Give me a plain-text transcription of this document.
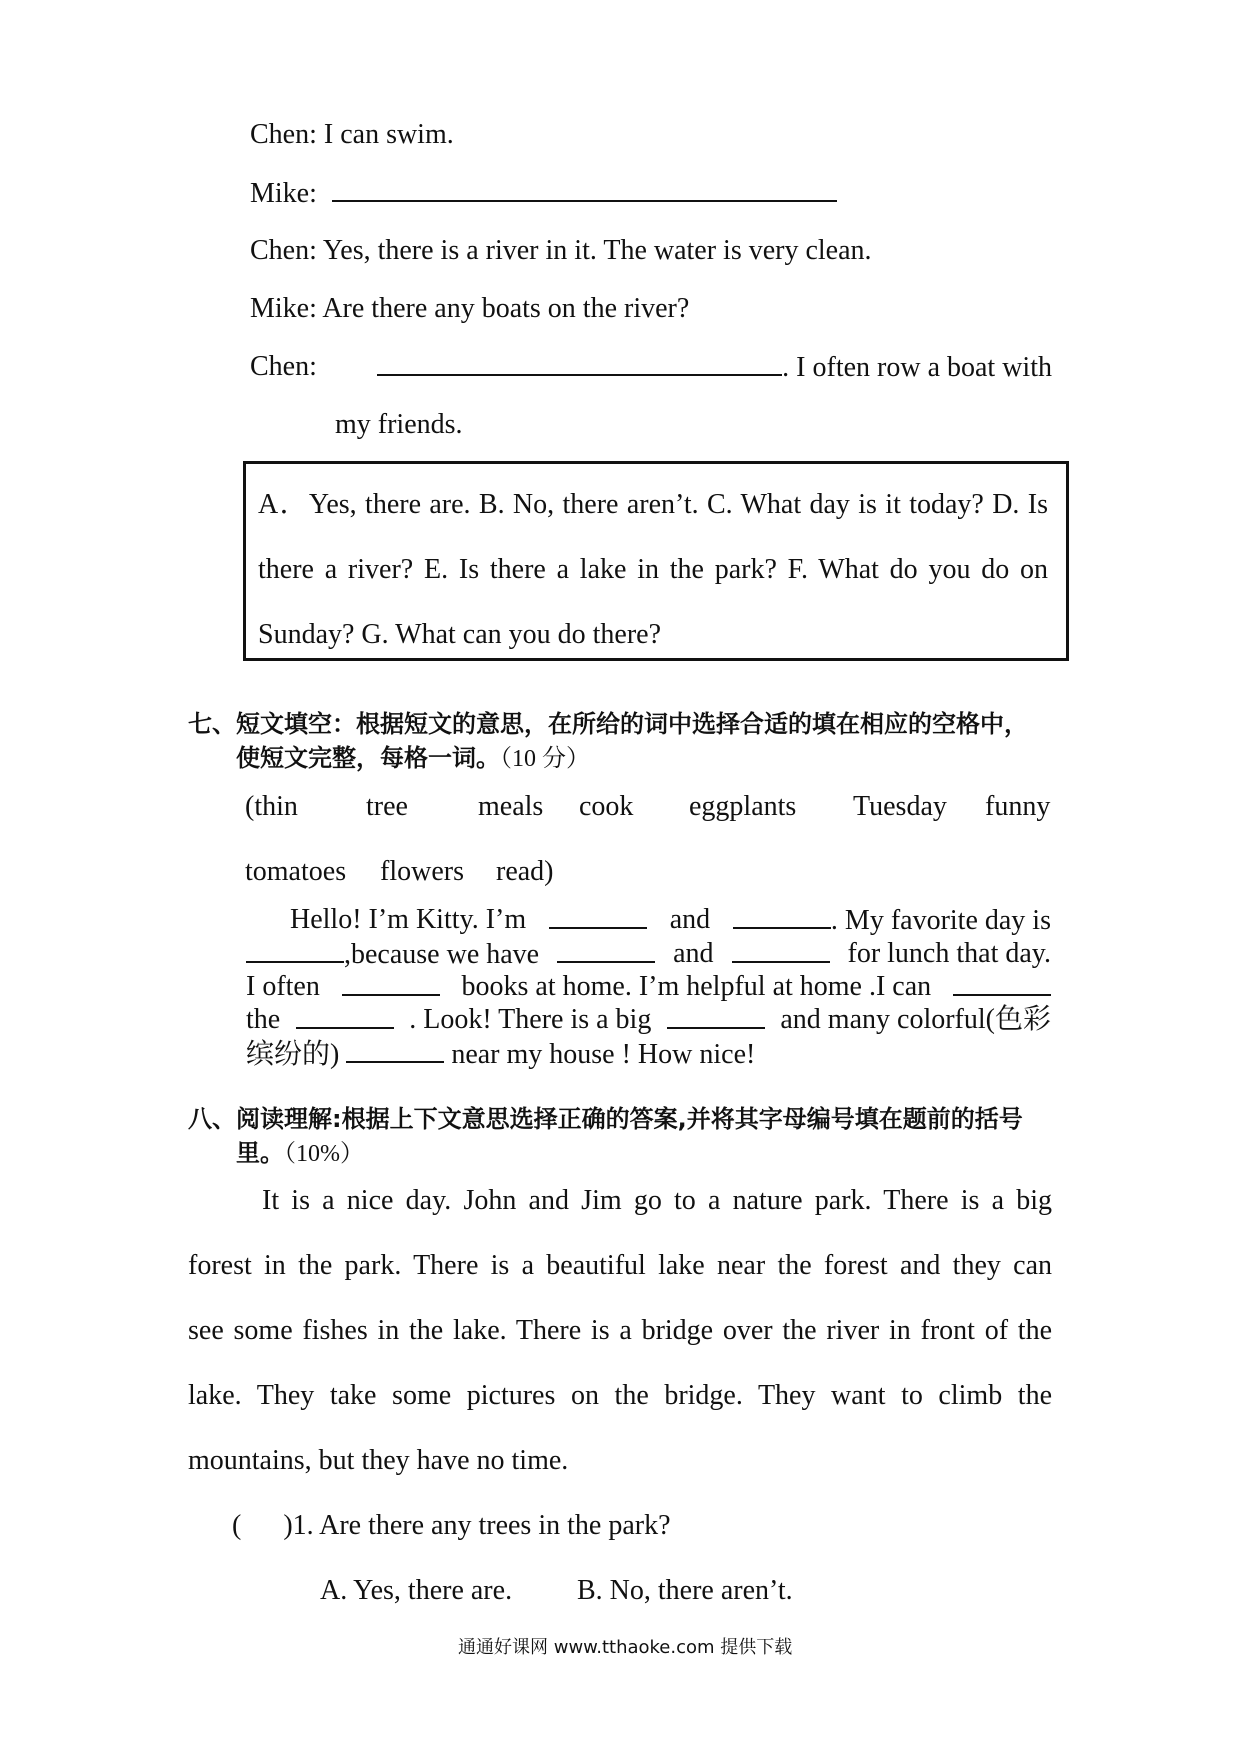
Chen: I can swim.
Mike:
Chen: Yes, there is a river in it. The water is very clean.
Mike: Are there any boats on the river?
Chen:	. I often row a boat with
my friends.
A．Yes, there are. B. No, there aren’t. C. What day is it today? D. Is
there a river? E. Is there a lake in the park? F. What do you do on
Sunday? G. What can you do there?
七、短文填空：根据短文的意思，在所给的词中选择合适的填在相应的空格中，
使短文完整，每格一词。（10 分）
(thin tree	meals cook eggplants Tuesday funny
tomatoes flowers read)
Hello! I’m Kitty. I’m	and	. My favorite day is
,because we have	and	for lunch that day.
I often	books at home. I’m helpful at home .I can
the	. Look! There is a big	and many colorful(色彩
缤纷的)	near my house ! How nice!
八、阅读理解:根据上下文意思选择正确的答案,并将其字母编号填在题前的括号
里。（10%）
It is a nice day. John and Jim go to a nature park. There is a big
forest in the park. There is a beautiful lake near the forest and they can
see some fishes in the lake. There is a bridge over the river in front of the
lake. They take some pictures on the bridge. They want to climb the
mountains, but they have no time.
(      )1. Are there any trees in the park?
A. Yes, there are. B. No, there aren’t.
通通好课网 www.tthaoke.com 提供下载
